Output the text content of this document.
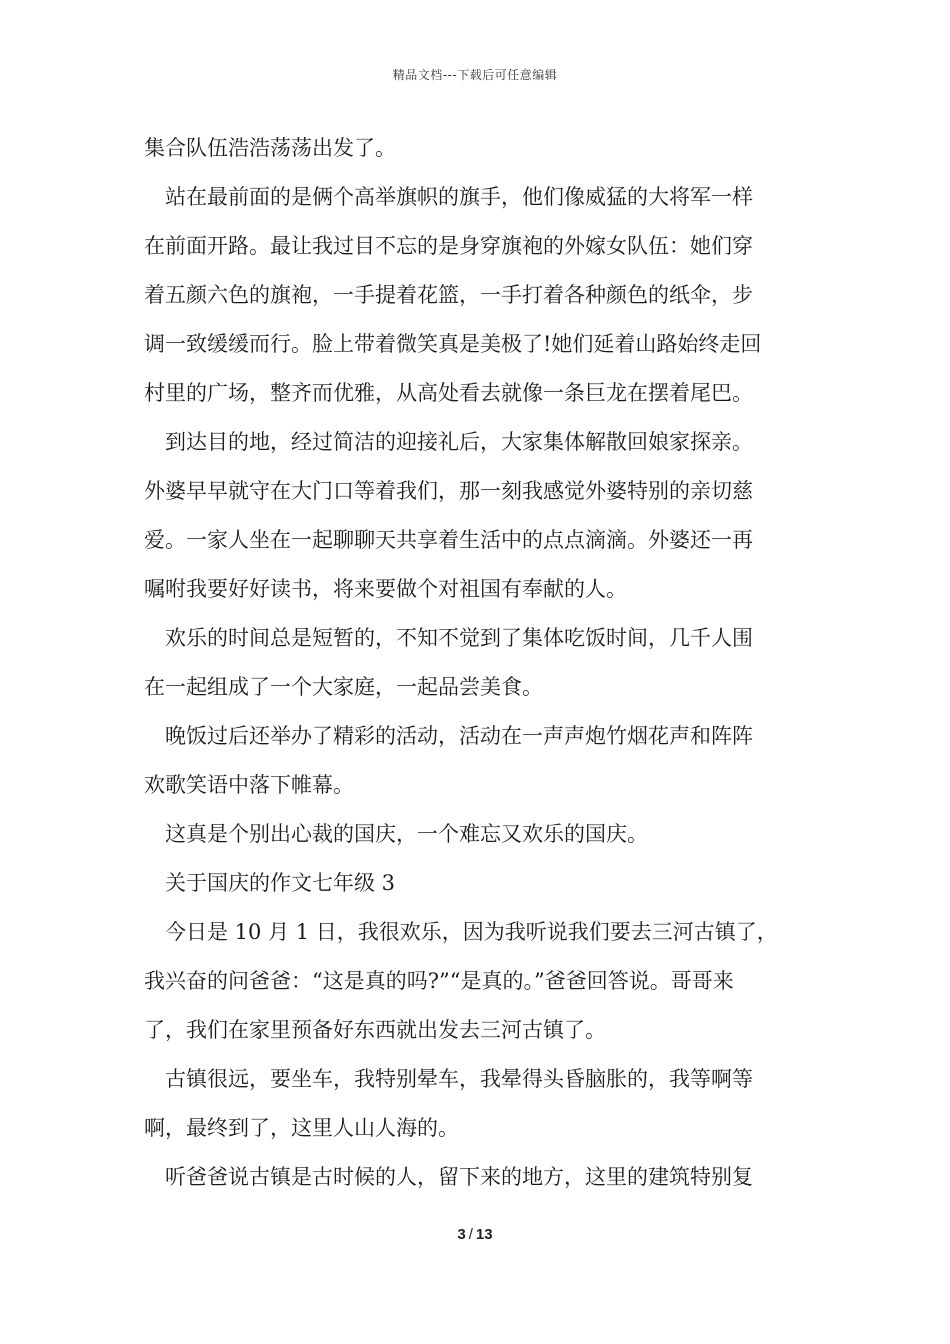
精品文档---下载后可任意编辑
集合队伍浩浩荡荡出发了。
站在最前面的是俩个高举旗帜的旗手，他们像威猛的大将军一样
在前面开路。最让我过目不忘的是身穿旗袍的外嫁女队伍：她们穿
着五颜六色的旗袍，一手提着花篮，一手打着各种颜色的纸伞，步
调一致缓缓而行。脸上带着微笑真是美极了!她们延着山路始终走回
村里的广场，整齐而优雅，从高处看去就像一条巨龙在摆着尾巴。
到达目的地，经过简洁的迎接礼后，大家集体解散回娘家探亲。
外婆早早就守在大门口等着我们，那一刻我感觉外婆特别的亲切慈
爱。一家人坐在一起聊聊天共享着生活中的点点滴滴。外婆还一再
嘱咐我要好好读书，将来要做个对祖国有奉献的人。
欢乐的时间总是短暂的，不知不觉到了集体吃饭时间，几千人围
在一起组成了一个大家庭，一起品尝美食。
晚饭过后还举办了精彩的活动，活动在一声声炮竹烟花声和阵阵
欢歌笑语中落下帷幕。
这真是个别出心裁的国庆，一个难忘又欢乐的国庆。
关于国庆的作文七年级 3
今日是 10 月 1 日，我很欢乐，因为我听说我们要去三河古镇了，
我兴奋的问爸爸：“这是真的吗?”“是真的。”爸爸回答说。哥哥来
了，我们在家里预备好东西就出发去三河古镇了。
古镇很远，要坐车，我特别晕车，我晕得头昏脑胀的，我等啊等
啊，最终到了，这里人山人海的。
听爸爸说古镇是古时候的人，留下来的地方，这里的建筑特别复
3 / 13
